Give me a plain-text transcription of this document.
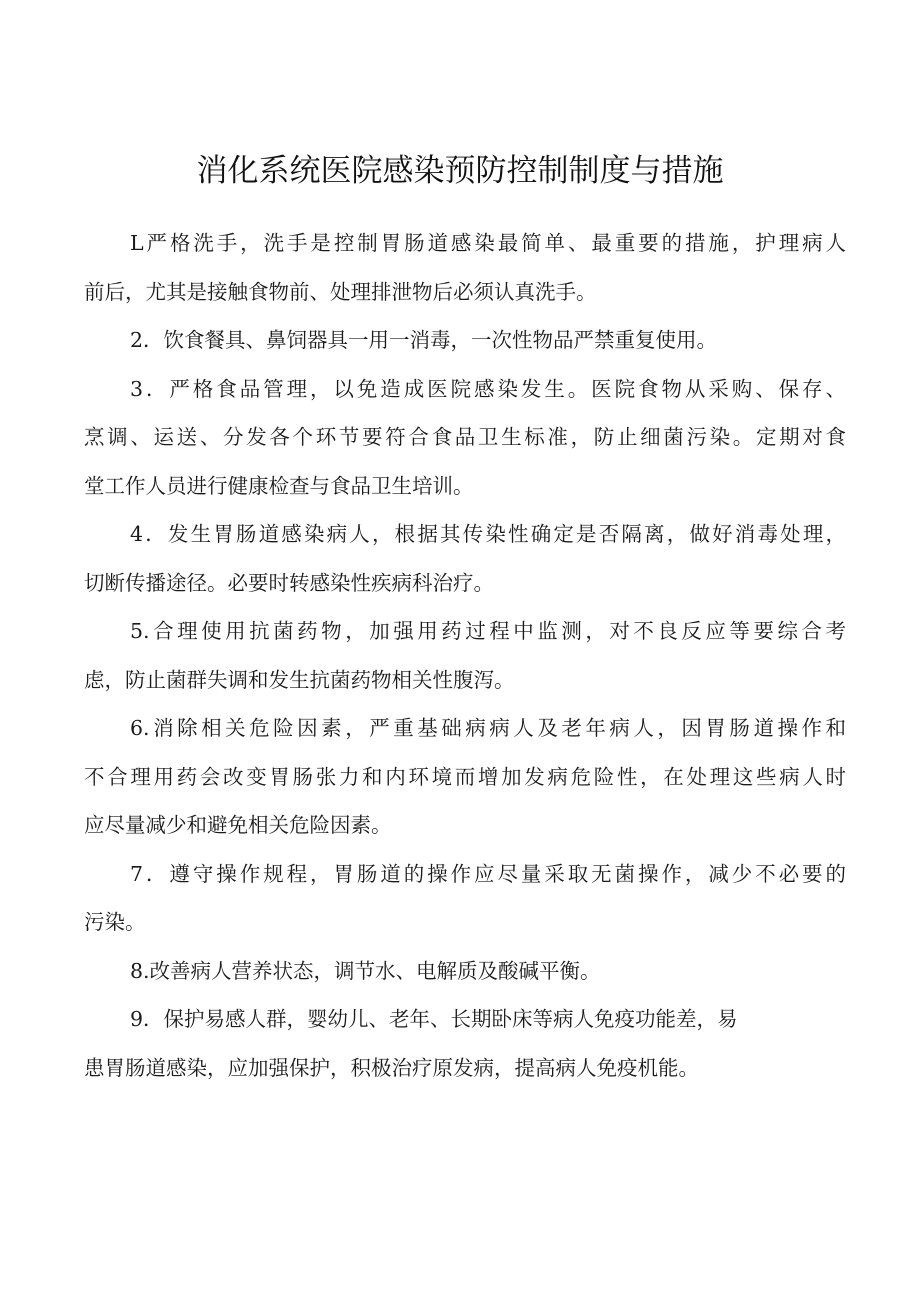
消化系统医院感染预防控制制度与措施

L严格洗手，洗手是控制胃肠道感染最简单、最重要的措施，护理病人
前后，尤其是接触食物前、处理排泄物后必须认真洗手。

2．饮食餐具、鼻饲器具一用一消毒，一次性物品严禁重复使用。

3．严格食品管理，以免造成医院感染发生。医院食物从采购、保存、
烹调、运送、分发各个环节要符合食品卫生标准，防止细菌污染。定期对食
堂工作人员进行健康检查与食品卫生培训。

4．发生胃肠道感染病人，根据其传染性确定是否隔离，做好消毒处理，
切断传播途径。必要时转感染性疾病科治疗。

5.合理使用抗菌药物，加强用药过程中监测，对不良反应等要综合考
虑，防止菌群失调和发生抗菌药物相关性腹泻。

6.消除相关危险因素，严重基础病病人及老年病人，因胃肠道操作和
不合理用药会改变胃肠张力和内环境而增加发病危险性，在处理这些病人时
应尽量减少和避免相关危险因素。

7．遵守操作规程，胃肠道的操作应尽量采取无菌操作，减少不必要的
污染。

8.改善病人营养状态，调节水、电解质及酸碱平衡。

9．保护易感人群，婴幼儿、老年、长期卧床等病人免疫功能差，易
患胃肠道感染，应加强保护，积极治疗原发病，提高病人免疫机能。
